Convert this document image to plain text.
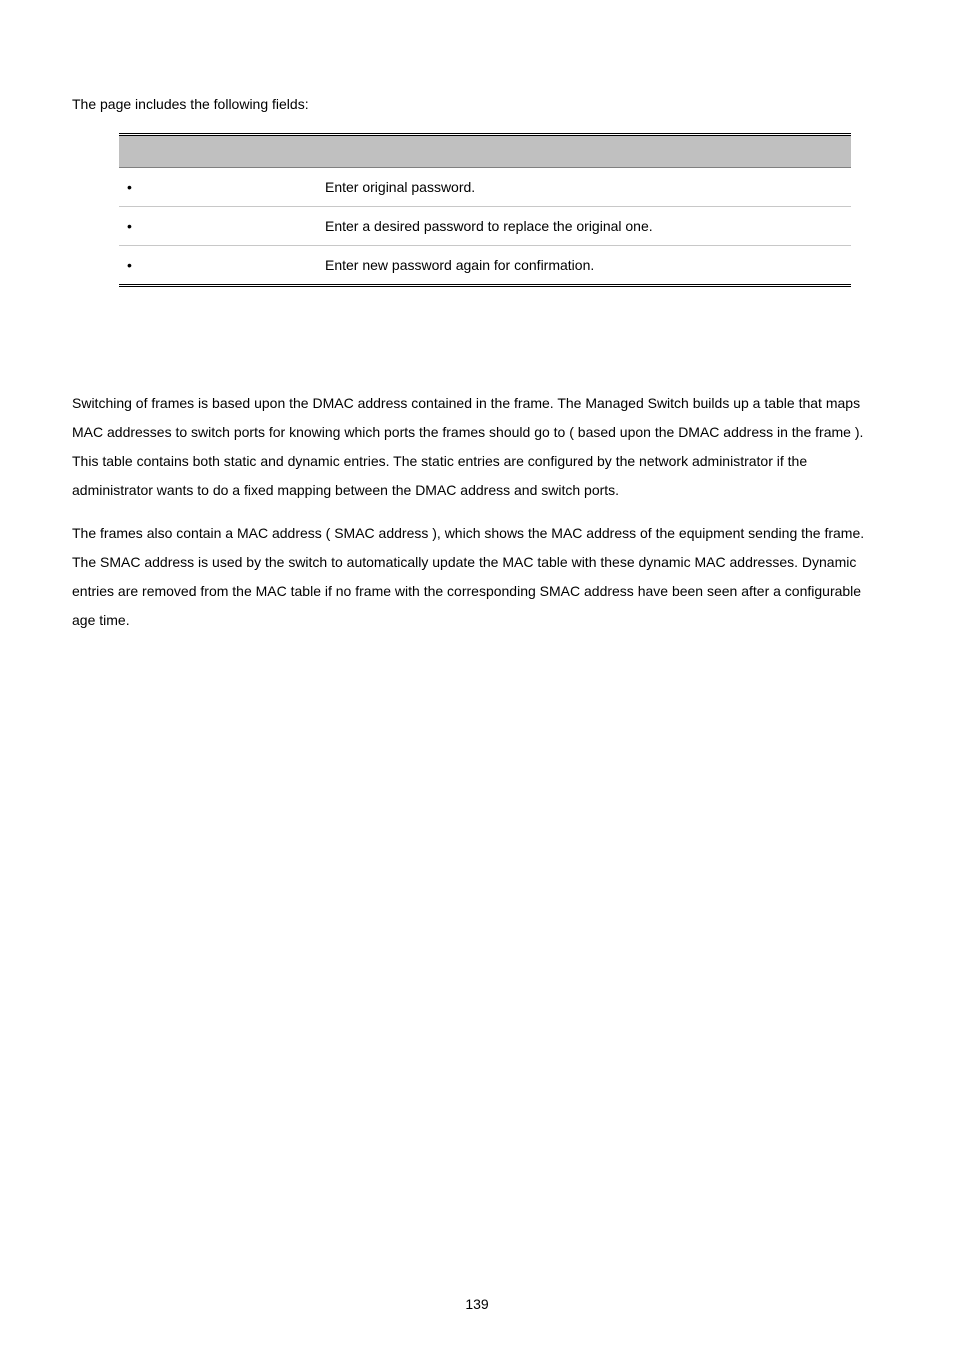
The page includes the following fields:

•	Enter original password.
•	Enter a desired password to replace the original one.
•	Enter new password again for confirmation.

Switching of frames is based upon the DMAC address contained in the frame. The Managed Switch builds up a table that maps MAC addresses to switch ports for knowing which ports the frames should go to ( based upon the DMAC address in the frame ). This table contains both static and dynamic entries. The static entries are configured by the network administrator if the administrator wants to do a fixed mapping between the DMAC address and switch ports.

The frames also contain a MAC address ( SMAC address ), which shows the MAC address of the equipment sending the frame. The SMAC address is used by the switch to automatically update the MAC table with these dynamic MAC addresses. Dynamic entries are removed from the MAC table if no frame with the corresponding SMAC address have been seen after a configurable age time.

139
